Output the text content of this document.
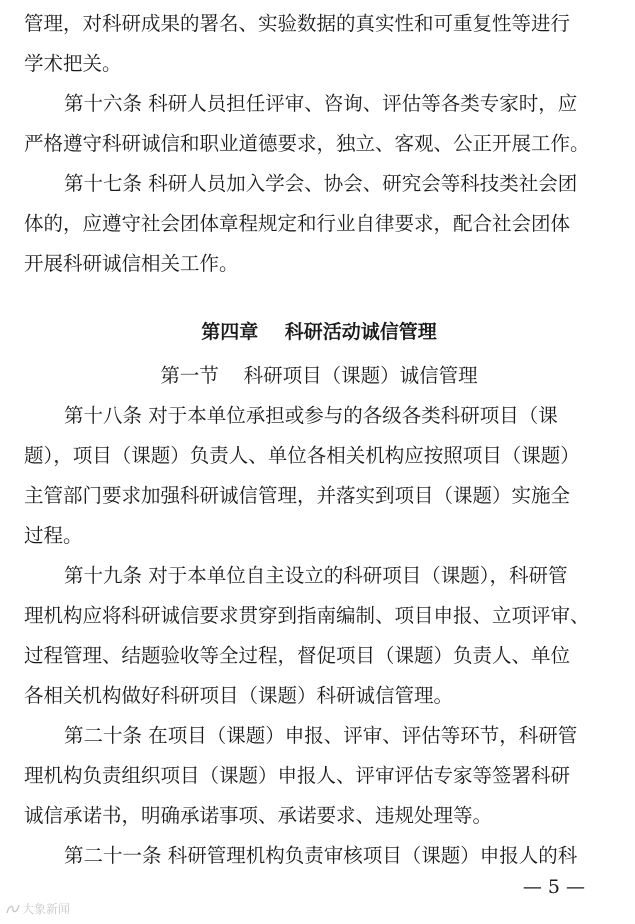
管理，对科研成果的署名、实验数据的真实性和可重复性等进行
学术把关。
第十六条 科研人员担任评审、咨询、评估等各类专家时，应
严格遵守科研诚信和职业道德要求，独立、客观、公正开展工作。
第十七条 科研人员加入学会、协会、研究会等科技类社会团
体的，应遵守社会团体章程规定和行业自律要求，配合社会团体
开展科研诚信相关工作。
第四章    科研活动诚信管理
第一节    科研项目（课题）诚信管理
第十八条 对于本单位承担或参与的各级各类科研项目（课
题），项目（课题）负责人、单位各相关机构应按照项目（课题）
主管部门要求加强科研诚信管理，并落实到项目（课题）实施全
过程。
第十九条 对于本单位自主设立的科研项目（课题），科研管
理机构应将科研诚信要求贯穿到指南编制、项目申报、立项评审、
过程管理、结题验收等全过程，督促项目（课题）负责人、单位
各相关机构做好科研项目（课题）科研诚信管理。
第二十条 在项目（课题）申报、评审、评估等环节，科研管
理机构负责组织项目（课题）申报人、评审评估专家等签署科研
诚信承诺书，明确承诺事项、承诺要求、违规处理等。
第二十一条 科研管理机构负责审核项目（课题）申报人的科
— 5 —
大象新闻
